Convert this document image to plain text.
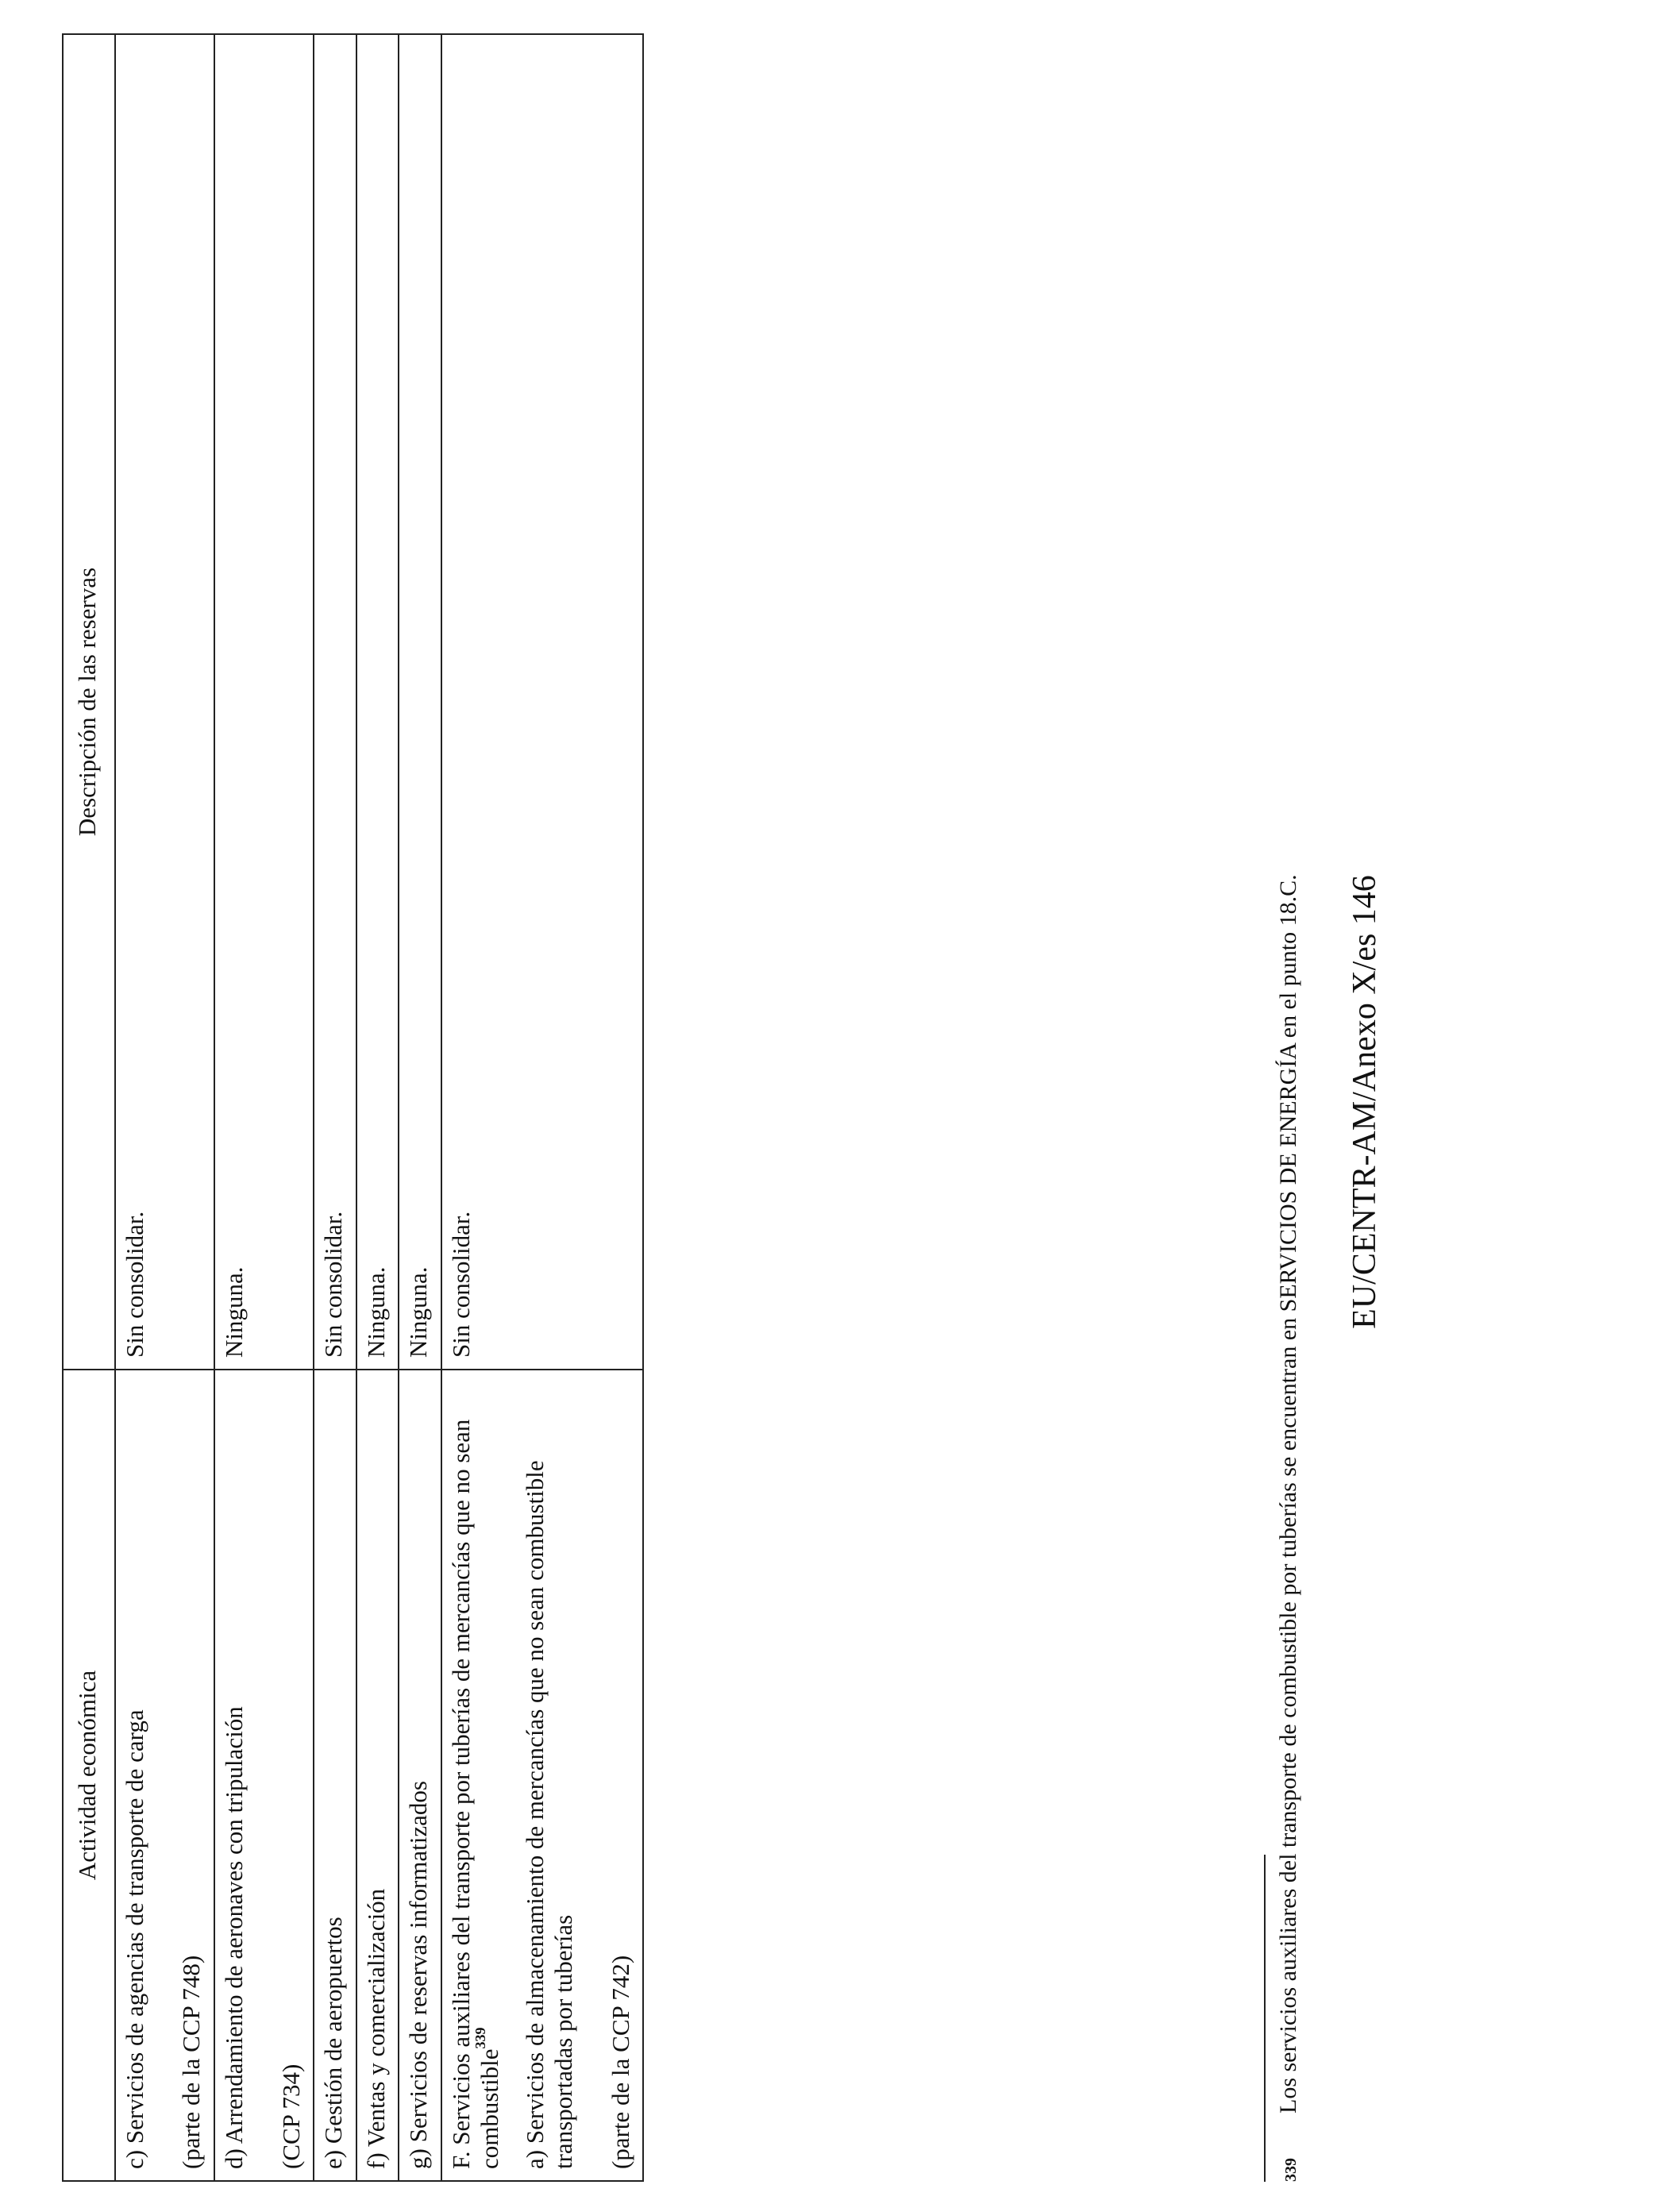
Actividad económica	Descripción de las reservas

c) Servicios de agencias de transporte de carga (parte de la CCP 748)	Sin consolidar.

d) Arrendamiento de aeronaves con tripulación (CCP 734)	Ninguna.

e) Gestión de aeropuertos	Sin consolidar.

f) Ventas y comercialización	Ninguna.

g) Servicios de reservas informatizados	Ninguna.

F. Servicios auxiliares del transporte por tuberías de mercancías que no sean combustible$^{339}$ a) Servicios de almacenamiento de mercancías que no sean combustible transportadas por tuberías (parte de la CCP 742)	Sin consolidar.
339Los servicios auxiliares del transporte de combustible por tuberías se encuentran en SERVICIOS DE ENERGÍA en el punto 18.C. EU/CENTR-AM/Anexo X/es 146
